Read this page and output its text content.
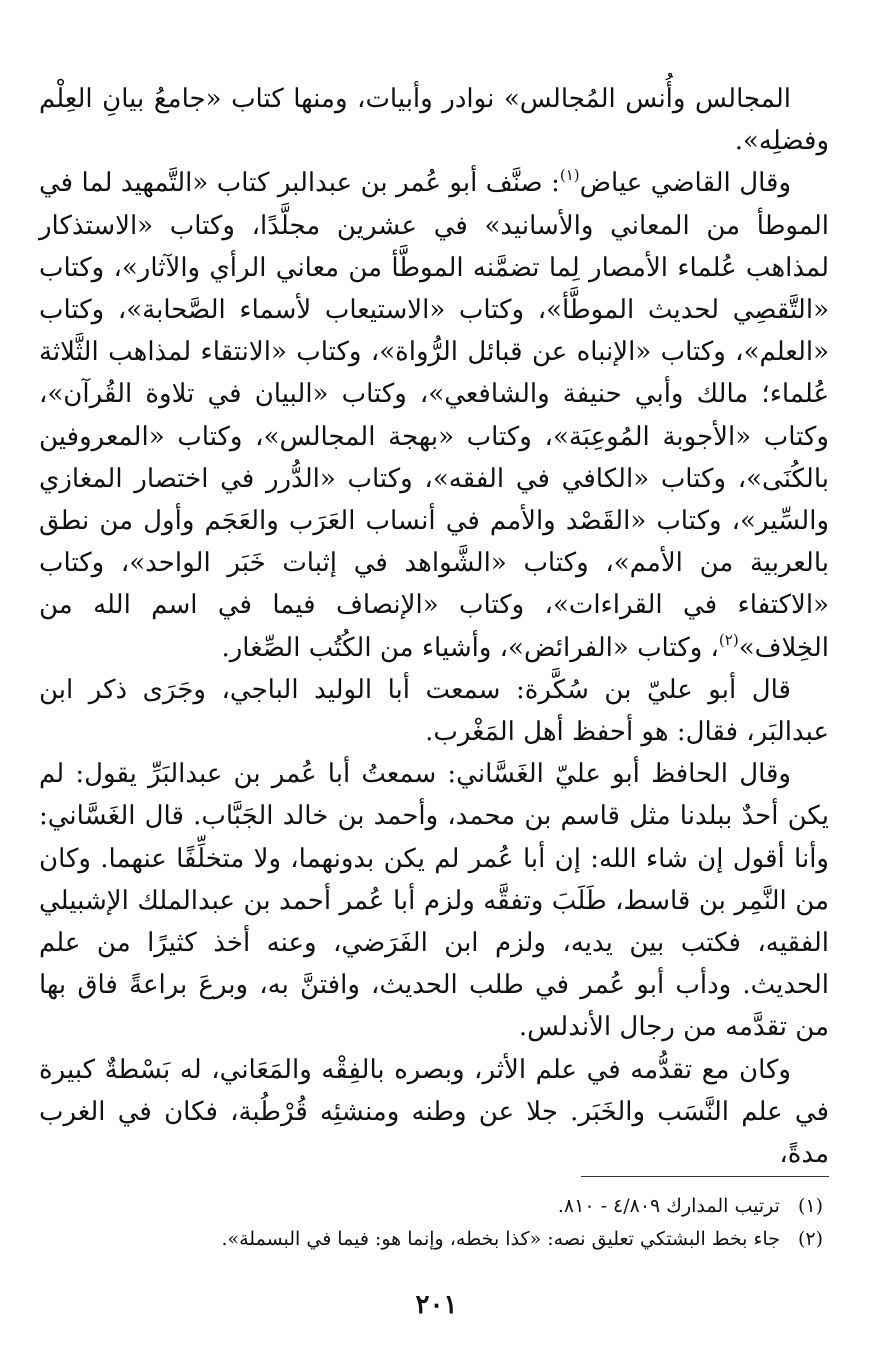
المجالس وأُنس المُجالس» نوادر وأبيات، ومنها كتاب «جامعُ بيانِ العِلْم وفضلِه».

وقال القاضي عياض$^{(١)}$: صنَّف أبو عُمر بن عبدالبر كتاب «التَّمهيد لما في الموطأ من المعاني والأسانيد» في عشرين مجلَّدًا، وكتاب «الاستذكار لمذاهب عُلماء الأمصار لِما تضمَّنه الموطَّأ من معاني الرأي والآثار»، وكتاب «التَّقصِي لحديث الموطَّأ»، وكتاب «الاستيعاب لأسماء الصَّحابة»، وكتاب «العلم»، وكتاب «الإنباه عن قبائل الرُّواة»، وكتاب «الانتقاء لمذاهب الثَّلاثة عُلماء؛ مالك وأبي حنيفة والشافعي»، وكتاب «البيان في تلاوة القُرآن»، وكتاب «الأجوبة المُوعِبَة»، وكتاب «بهجة المجالس»، وكتاب «المعروفين بالكُنَى»، وكتاب «الكافي في الفقه»، وكتاب «الدُّرر في اختصار المغازي والسِّير»، وكتاب «القَصْد والأمم في أنساب العَرَب والعَجَم وأول من نطق بالعربية من الأمم»، وكتاب «الشَّواهد في إثبات خَبَر الواحد»، وكتاب «الاكتفاء في القراءات»، وكتاب «الإنصاف فيما في اسم الله من الخِلاف»$^{(٢)}$، وكتاب «الفرائض»، وأشياء من الكُتُب الصِّغار.

قال أبو عليّ بن سُكَّرة: سمعت أبا الوليد الباجي، وجَرَى ذكر ابن عبدالبَر، فقال: هو أحفظ أهل المَغْرب.

وقال الحافظ أبو عليّ الغَسَّاني: سمعتُ أبا عُمر بن عبدالبَرِّ يقول: لم يكن أحدٌ ببلدنا مثل قاسم بن محمد، وأحمد بن خالد الجَبَّاب. قال الغَسَّاني: وأنا أقول إن شاء الله: إن أبا عُمر لم يكن بدونهما، ولا متخلِّفًا عنهما. وكان من النَّمِر بن قاسط، طَلَبَ وتفقَّه ولزم أبا عُمر أحمد بن عبدالملك الإشبيلي الفقيه، فكتب بين يديه، ولزم ابن الفَرَضي، وعنه أخذ كثيرًا من علم الحديث. ودأب أبو عُمر في طلب الحديث، وافتنَّ به، وبرعَ براعةً فاق بها من تقدَّمه من رجال الأندلس.

وكان مع تقدُّمه في علم الأثر، وبصره بالفِقْه والمَعَاني، له بَسْطةٌ كبيرة في علم النَّسَب والخَبَر. جلا عن وطنه ومنشئِه قُرْطُبة، فكان في الغرب مدةً،

(١)
ترتيب المدارك ٤/٨٠٩ - ٨١٠.
(٢)
جاء بخط البشتكي تعليق نصه: «كذا بخطه، وإنما هو: فيما في البسملة».
٢٠١
